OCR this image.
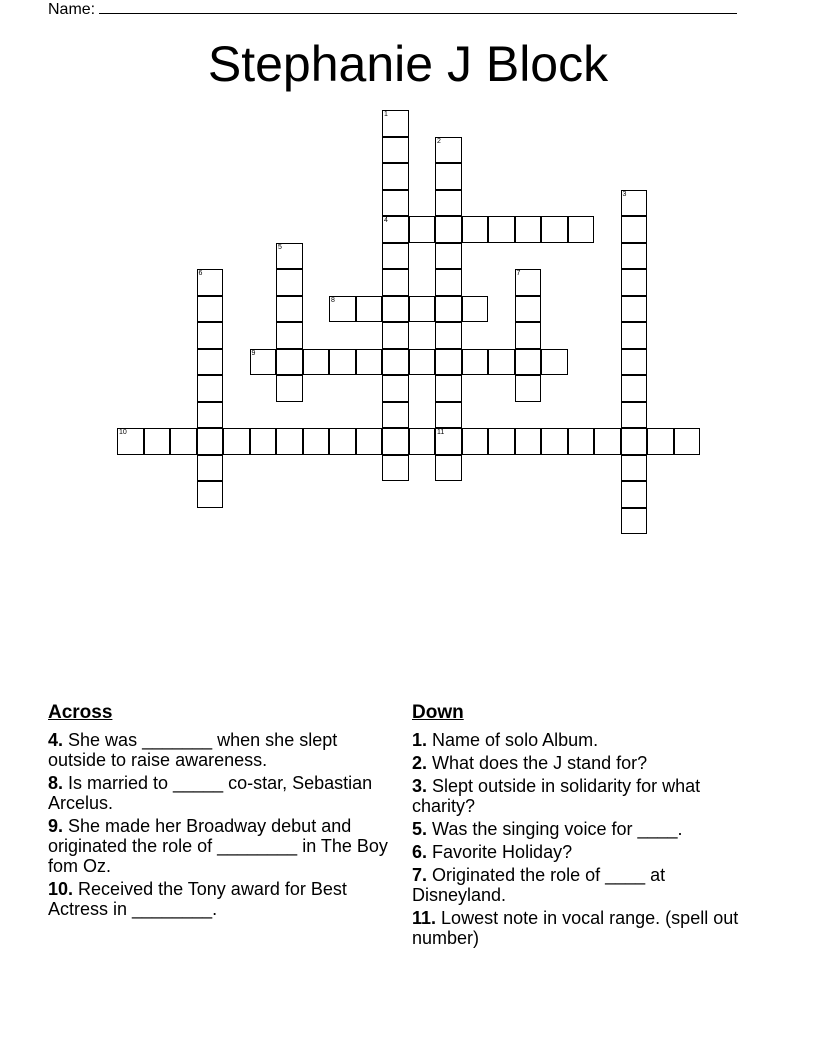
Name:
Stephanie J Block
1
4
2
11
3
5
6	7
8
9
10
Across
4. She was _______ when she slept outside to raise awareness.
8. Is married to _____ co-star, Sebastian Arcelus.
9. She made her Broadway debut and originated the role of ________ in The Boy fom Oz.
10. Received the Tony award for Best Actress in ________.
Down
1. Name of solo Album.
2. What does the J stand for?
3. Slept outside in solidarity for what charity?
5. Was the singing voice for ____.
6. Favorite Holiday?
7. Originated the role of ____ at Disneyland.
11. Lowest note in vocal range. (spell out number)
